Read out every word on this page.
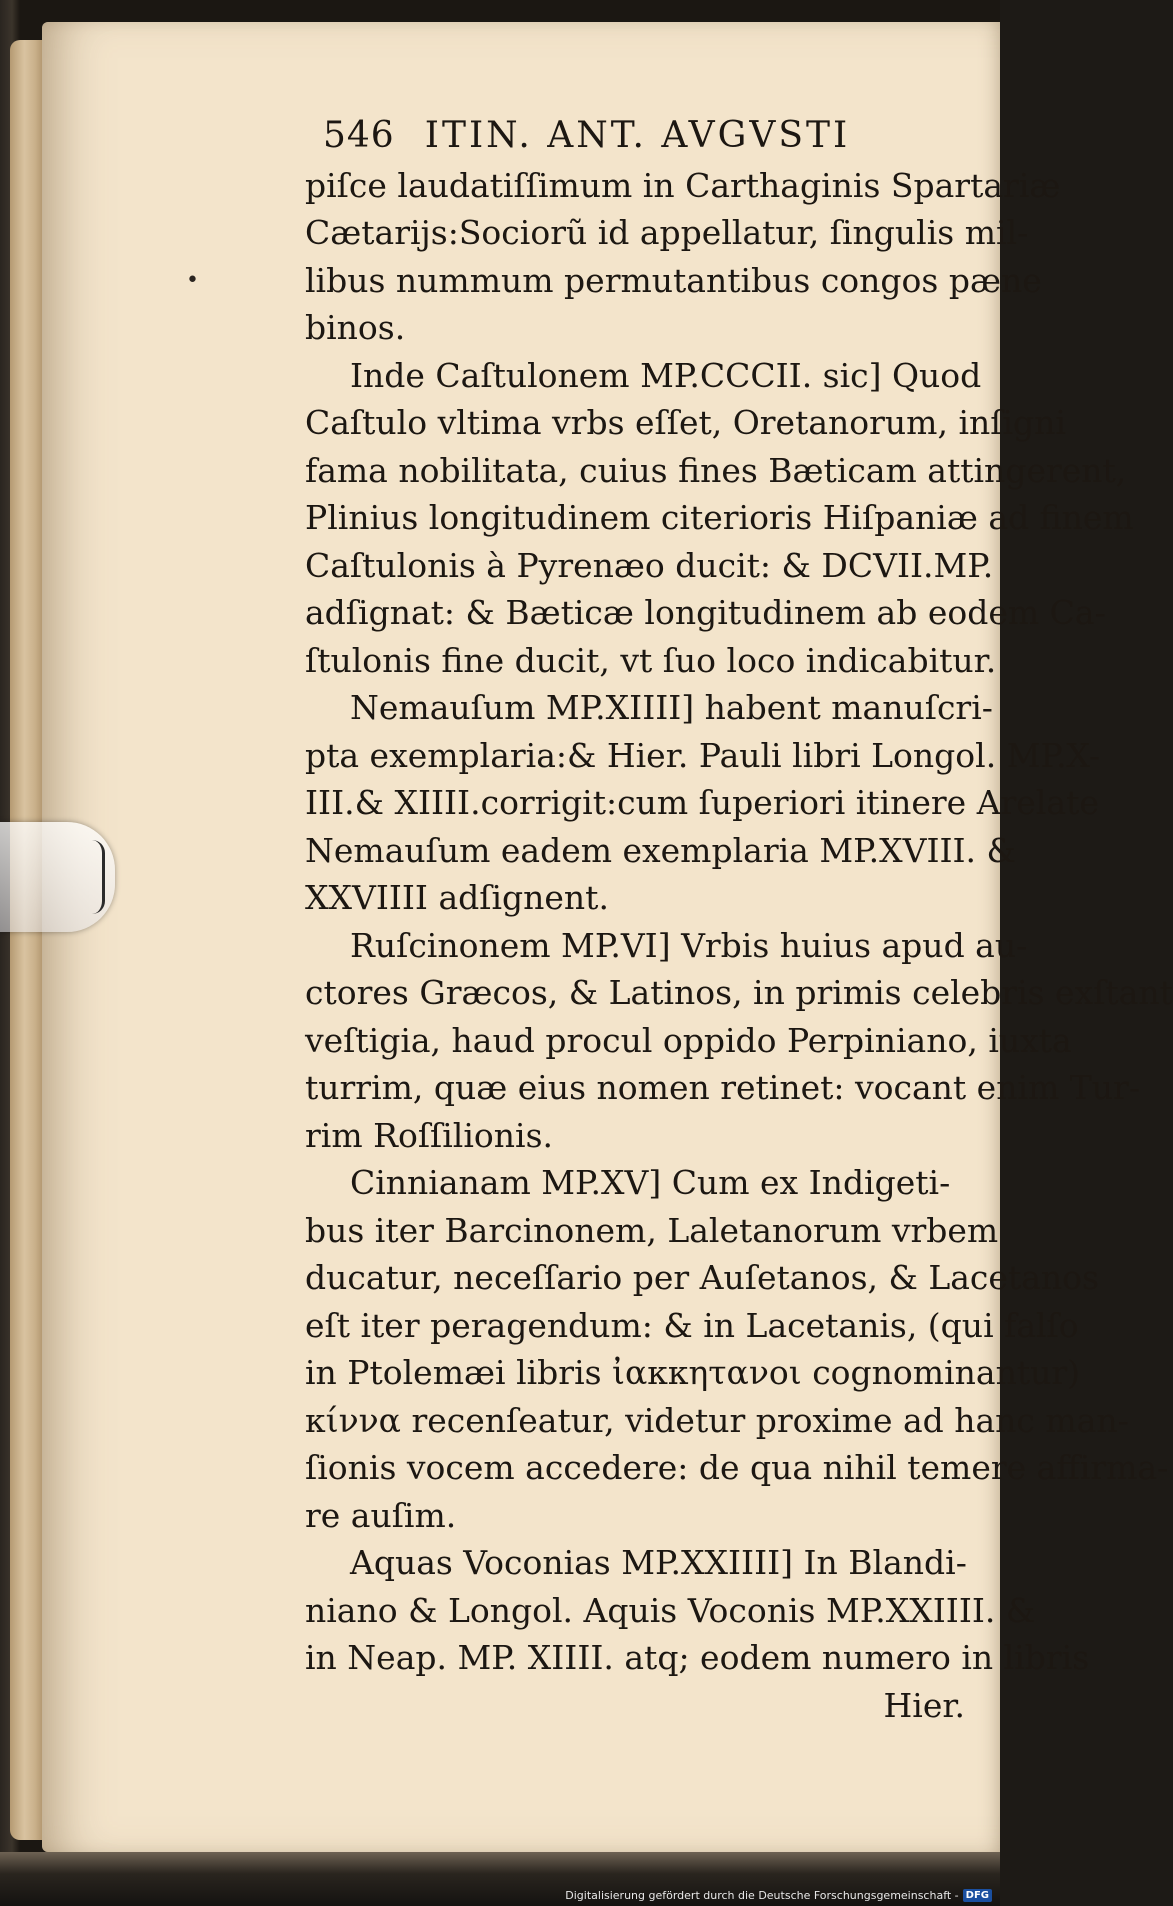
•
546 ITIN. ANT. AVGVSTI
piſce laudatiſſimum in Carthaginis Spartariæ
Cætarijs:Sociorũ id appellatur, ſingulis mil-
libus nummum permutantibus congos pæne
binos.
Inde Caſtulonem MP.CCCII. sic] Quod
Caſtulo vltima vrbs eſſet, Oretanorum, inſigni
fama nobilitata, cuius fines Bæticam attingerent,
Plinius longitudinem citerioris Hiſpaniæ ad finem
Caſtulonis à Pyrenæo ducit: & DCVII.MP.
adſignat: & Bæticæ longitudinem ab eodem Ca-
ſtulonis fine ducit, vt ſuo loco indicabitur.
Nemauſum MP.XIIII] habent manuſcri-
pta exemplaria:& Hier. Pauli libri Longol. MP.X-
III.& XIIII.corrigit:cum ſuperiori itinere Arelate
Nemauſum eadem exemplaria MP.XVIII. &
XXVIIII adſignent.
Ruſcinonem MP.VI] Vrbis huius apud au-
ctores Græcos, & Latinos, in primis celebris exſtant
veſtigia, haud procul oppido Perpiniano, iuxta
turrim, quæ eius nomen retinet: vocant enim Tur-
rim Roſſilionis.
Cinnianam MP.XV] Cum ex Indigeti-
bus iter Barcinonem, Laletanorum vrbem
ducatur, neceſſario per Auſetanos, & Lacetanos
eſt iter peragendum: & in Lacetanis, (qui falſo
in Ptolemæi libris ἰακκητανοι cognominantur)
κίννα recenſeatur, videtur proxime ad hanc man-
ſionis vocem accedere: de qua nihil temere affirma-
re auſim.
Aquas Voconias MP.XXIIII] In Blandi-
niano & Longol. Aquis Voconis MP.XXIIII. &
in Neap. MP. XIIII. atq; eodem numero in libris
Hier.
Digitalisierung gefördert durch die Deutsche Forschungsgemeinschaft - DFG
